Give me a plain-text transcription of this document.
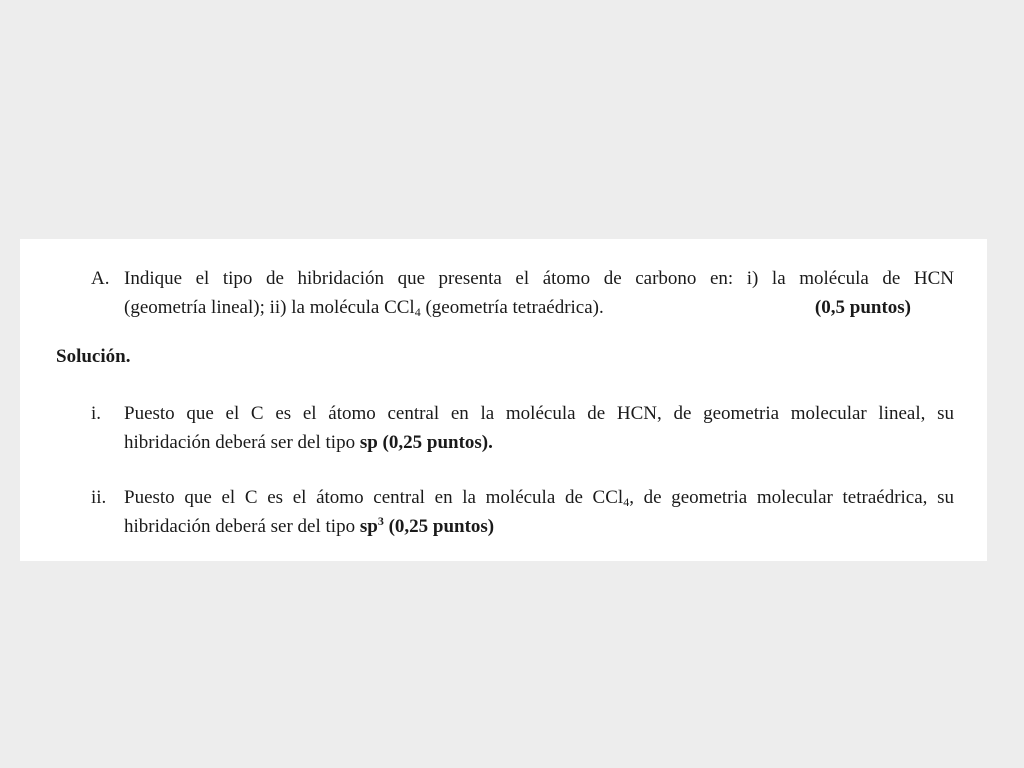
A. Indique el tipo de hibridación que presenta el átomo de carbono en: i) la molécula de HCN
(geometría lineal); ii) la molécula CCl$_4$ (geometría tetraédrica).	(0,5 puntos)
Solución.
i. Puesto que el C es el átomo central en la molécula de HCN, de geometria molecular lineal, su
hibridación deberá ser del tipo sp (0,25 puntos).
ii. Puesto que el C es el átomo central en la molécula de CCl$_4$, de geometria molecular tetraédrica, su
hibridación deberá ser del tipo $sp^3$ (0,25 puntos)
